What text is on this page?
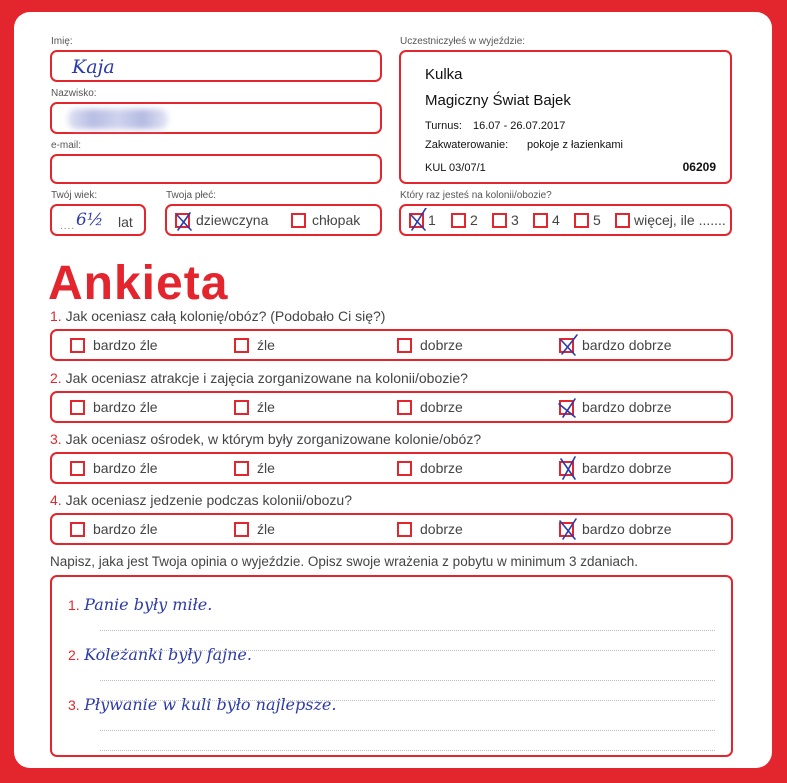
Imię:
Kaja
Nazwisko:
e-mail:
Twój wiek:
.... 6½ lat
Twoja płeć:
dziewczyna	chłopak
Uczestniczyłeś w wyjeździe:
Kulka
Magiczny Świat Bajek
Turnus: 16.07 - 26.07.2017
Zakwaterowanie: pokoje z łazienkami
KUL 03/07/1	06209
Który raz jesteś na kolonii/obozie?
1 2 3 4 5 więcej, ile .......
Ankieta
1. Jak oceniasz całą kolonię/obóz? (Podobało Ci się?)
bardzo źle	źle	dobrze	bardzo dobrze
2. Jak oceniasz atrakcje i zajęcia zorganizowane na kolonii/obozie?
bardzo źle	źle	dobrze	bardzo dobrze
3. Jak oceniasz ośrodek, w którym były zorganizowane kolonie/obóz?
bardzo źle	źle	dobrze	bardzo dobrze
4. Jak oceniasz jedzenie podczas kolonii/obozu?
bardzo źle	źle	dobrze	bardzo dobrze
Napisz, jaka jest Twoja opinia o wyjeździe. Opisz swoje wrażenia z pobytu w minimum 3 zdaniach.
1. Panie były miłe.
2. Koleżanki były fajne.
3. Pływanie w kuli było najlepsze.
